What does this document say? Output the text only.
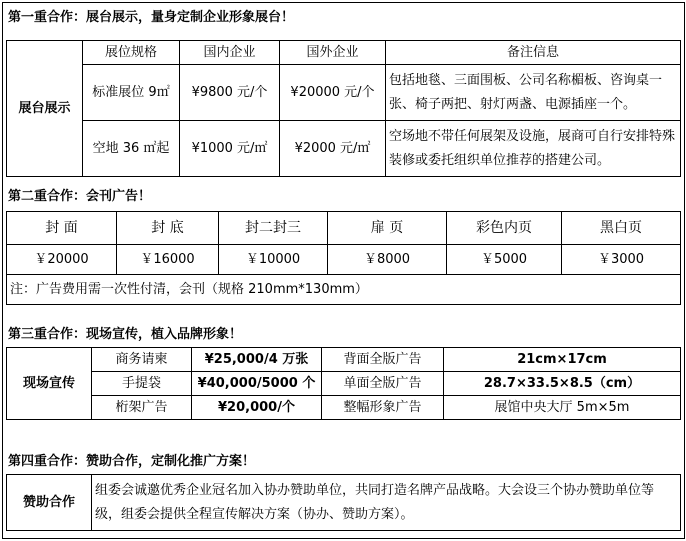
第一重合作：展台展示，量身定制企业形象展台！
展台展示	展位规格	国内企业	国外企业	备注信息
	标准展位 9㎡	¥9800 元/个	¥20000 元/个	包括地毯、三面围板、公司名称楣板、咨询桌一张、椅子两把、射灯两盏、电源插座一个。
	空地 36 ㎡起	¥1000 元/㎡	¥2000 元/㎡	空场地不带任何展架及设施，展商可自行安排特殊装修或委托组织单位推荐的搭建公司。
第二重合作：会刊广告！
封 面	封 底	封二封三	扉 页	彩色内页	黑白页
￥20000	￥16000	￥10000	￥8000	￥5000	￥3000
注：广告费用需一次性付清，会刊（规格 210mm*130mm）					
第三重合作：现场宣传，植入品牌形象！
现场宣传	商务请柬	¥25,000/4 万张	背面全版广告	21cm×17cm
	手提袋	¥40,000/5000 个	单面全版广告	28.7×33.5×8.5（cm）
	桁架广告	¥20,000/个	整幅形象广告	展馆中央大厅 5m×5m
第四重合作：赞助合作，定制化推广方案！
赞助合作	组委会诚邀优秀企业冠名加入协办赞助单位，共同打造名牌产品战略。大会设三个协办赞助单位等级，组委会提供全程宣传解决方案（协办、赞助方案）。
